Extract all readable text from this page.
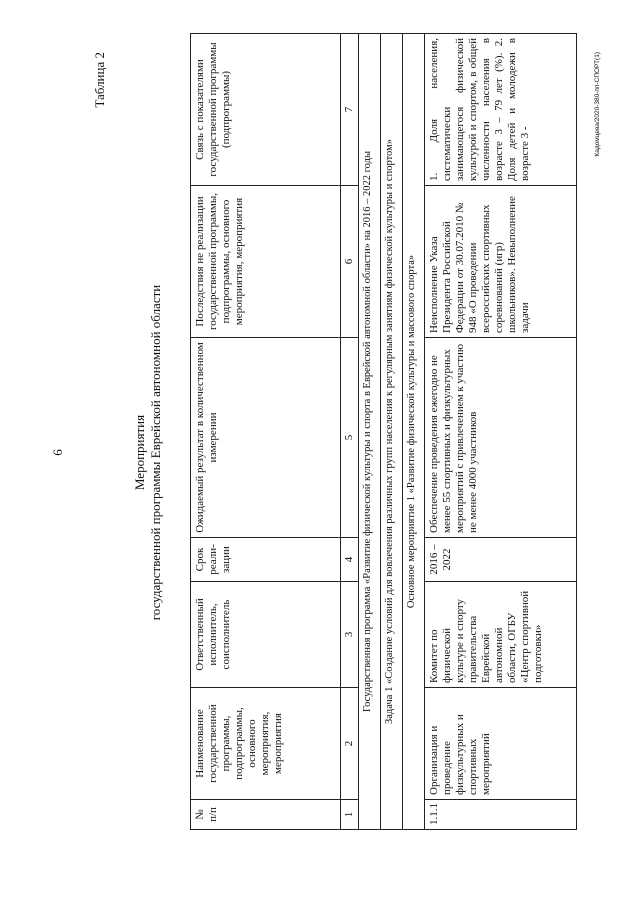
6
Таблица 2
Мероприятия государственной программы Еврейской автономной области
№ п/п	Наименование государственной программы, подпрограммы, основного мероприятия, мероприятия	Ответственный исполнитель, соисполнитель	Срок реали-зации	Ожидаемый результат в количественном измерении	Последствия не реализации государственной программы, подпрограммы, основного мероприятия, мероприятия	Связь с показателями государственной программы (подпрограммы)
1	2	3	4	5	6	7
Государственная программа «Развитие физической культуры и спорта в Еврейской автономной области» на 2016 – 2022 годы						
Задача 1 «Создание условий для вовлечения различных групп населения к регулярным занятиям физической культуры и спортом»						
Основное мероприятие 1 «Развитие физической культуры и массового спорта»						
1.1.1	Организация и проведение физкультурных и спортивных мероприятий	Комитет по физической культуре и спорту правительства Еврейской автономной области, ОГБУ «Центр спортивной подготовки»	2016 – 2022	Обеспечение проведения ежегодно не менее 55 спортивных и физкультурных мероприятий с привлечением к участию не менее 4000 участников	Неисполнение Указа Президента Российской Федерации от 30.07.2010 № 948 «О проведении всероссийских спортивных соревнований (игр) школьников». Невыполнение задачи	1. Доля населения, систематически занимающегося физической культурой и спортом, в общей численности населения в возрасте 3 – 79 лет (%). 2. Доля детей и молодежи в возрасте 3 -	Кадомцева/2020-380-пп-СПОРТ(1)
